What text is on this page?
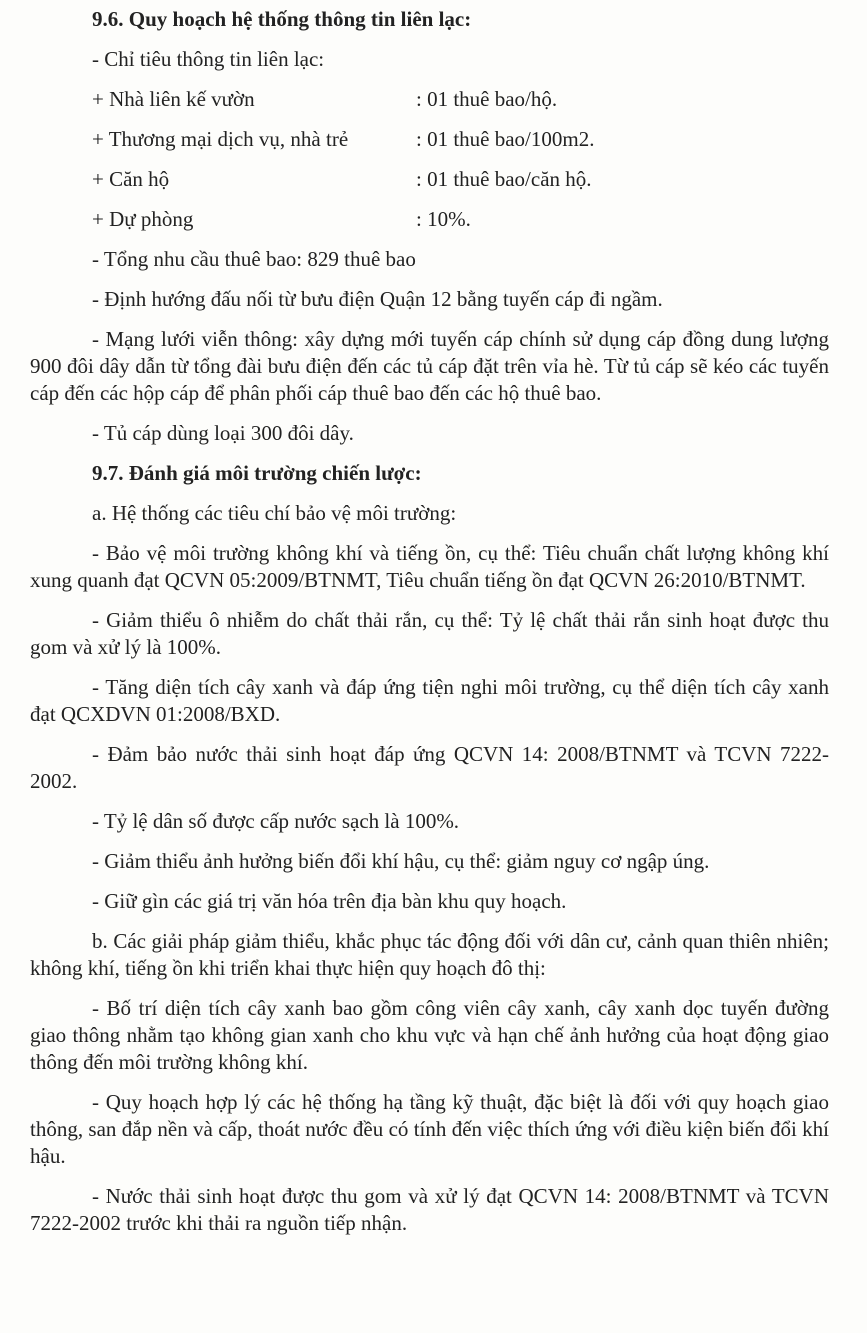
9.6. Quy hoạch hệ thống thông tin liên lạc:

- Chỉ tiêu thông tin liên lạc:

+ Nhà liên kế vườn	: 01 thuê bao/hộ.
+ Thương mại dịch vụ, nhà trẻ	: 01 thuê bao/100m2.
+ Căn hộ	: 01 thuê bao/căn hộ.
+ Dự phòng	: 10%.

- Tổng nhu cầu thuê bao: 829 thuê bao

- Định hướng đấu nối từ bưu điện Quận 12 bằng tuyến cáp đi ngầm.

- Mạng lưới viễn thông: xây dựng mới tuyến cáp chính sử dụng cáp đồng dung lượng 900 đôi dây dẫn từ tổng đài bưu điện đến các tủ cáp đặt trên vỉa hè. Từ tủ cáp sẽ kéo các tuyến cáp đến các hộp cáp để phân phối cáp thuê bao đến các hộ thuê bao.

- Tủ cáp dùng loại 300 đôi dây.

9.7. Đánh giá môi trường chiến lược:

a. Hệ thống các tiêu chí bảo vệ môi trường:

- Bảo vệ môi trường không khí và tiếng ồn, cụ thể: Tiêu chuẩn chất lượng không khí xung quanh đạt QCVN 05:2009/BTNMT, Tiêu chuẩn tiếng ồn đạt QCVN 26:2010/BTNMT.

- Giảm thiểu ô nhiễm do chất thải rắn, cụ thể: Tỷ lệ chất thải rắn sinh hoạt được thu gom và xử lý là 100%.

- Tăng diện tích cây xanh và đáp ứng tiện nghi môi trường, cụ thể diện tích cây xanh đạt QCXDVN 01:2008/BXD.

- Đảm bảo nước thải sinh hoạt đáp ứng QCVN 14: 2008/BTNMT và TCVN 7222-2002.

- Tỷ lệ dân số được cấp nước sạch là 100%.

- Giảm thiểu ảnh hưởng biến đổi khí hậu, cụ thể: giảm nguy cơ ngập úng.

- Giữ gìn các giá trị văn hóa trên địa bàn khu quy hoạch.

b. Các giải pháp giảm thiểu, khắc phục tác động đối với dân cư, cảnh quan thiên nhiên; không khí, tiếng ồn khi triển khai thực hiện quy hoạch đô thị:

- Bố trí diện tích cây xanh bao gồm công viên cây xanh, cây xanh dọc tuyến đường giao thông nhằm tạo không gian xanh cho khu vực và hạn chế ảnh hưởng của hoạt động giao thông đến môi trường không khí.

- Quy hoạch hợp lý các hệ thống hạ tầng kỹ thuật, đặc biệt là đối với quy hoạch giao thông, san đắp nền và cấp, thoát nước đều có tính đến việc thích ứng với điều kiện biến đổi khí hậu.

- Nước thải sinh hoạt được thu gom và xử lý đạt QCVN 14: 2008/BTNMT và TCVN 7222-2002 trước khi thải ra nguồn tiếp nhận.
